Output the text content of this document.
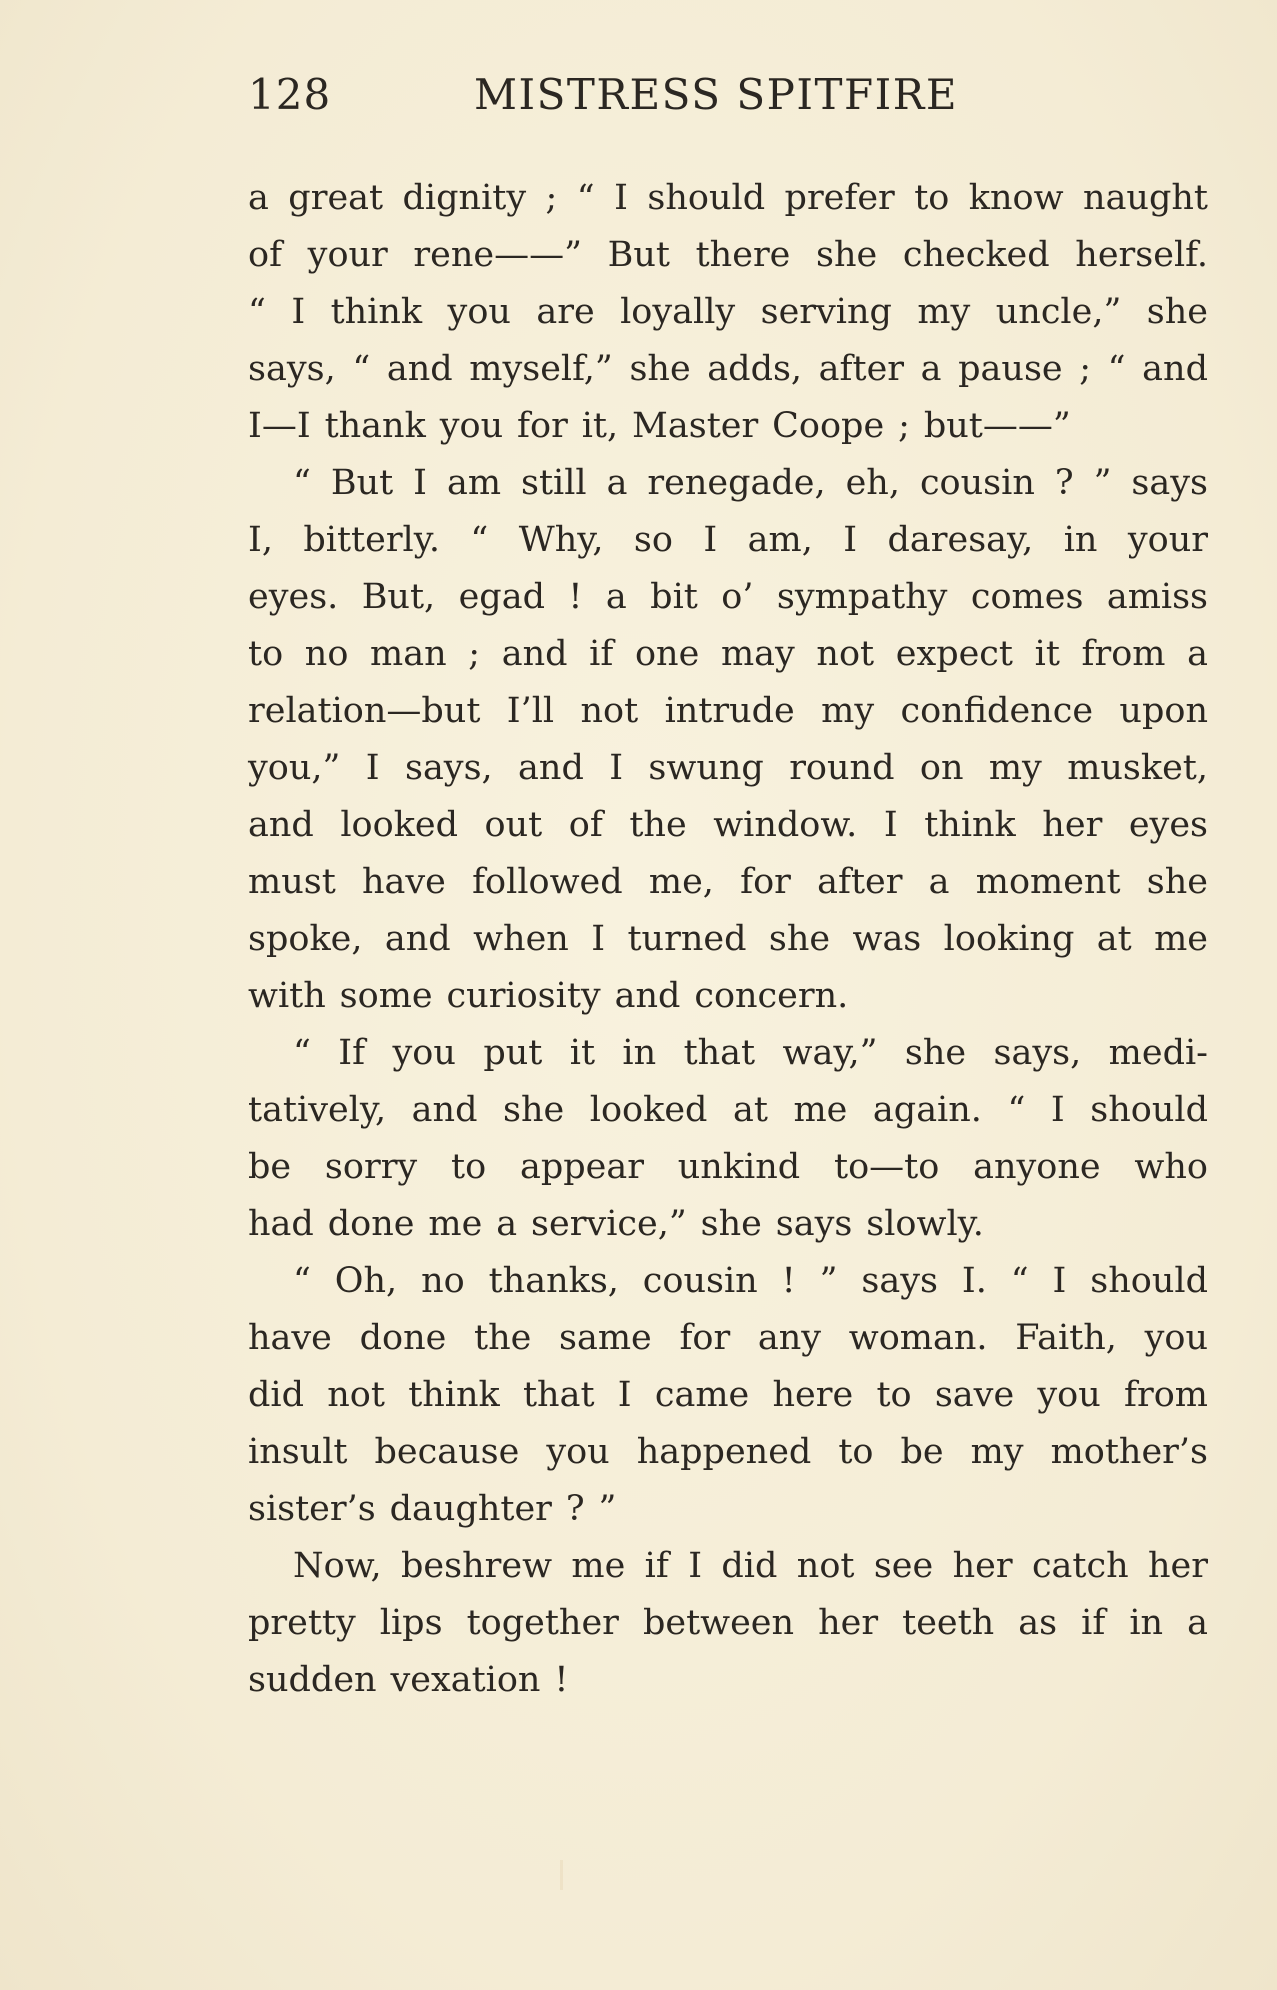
128	MISTRESS SPITFIRE
a great dignity ; “ I should prefer to know naught
of your rene——” But there she checked herself.
“ I think you are loyally serving my uncle,” she
says, “ and myself,” she adds, after a pause ; “ and
I—I thank you for it, Master Coope ; but——”
“ But I am still a renegade, eh, cousin ? ” says
I, bitterly. “ Why, so I am, I daresay, in your
eyes. But, egad ! a bit o’ sympathy comes amiss
to no man ; and if one may not expect it from a
relation—but I’ll not intrude my confidence upon
you,” I says, and I swung round on my musket,
and looked out of the window. I think her eyes
must have followed me, for after a moment she
spoke, and when I turned she was looking at me
with some curiosity and concern.
“ If you put it in that way,” she says, medi-
tatively, and she looked at me again. “ I should
be sorry to appear unkind to—to anyone who
had done me a service,” she says slowly.
“ Oh, no thanks, cousin ! ” says I. “ I should
have done the same for any woman. Faith, you
did not think that I came here to save you from
insult because you happened to be my mother’s
sister’s daughter ? ”
Now, beshrew me if I did not see her catch her
pretty lips together between her teeth as if in a
sudden vexation !
